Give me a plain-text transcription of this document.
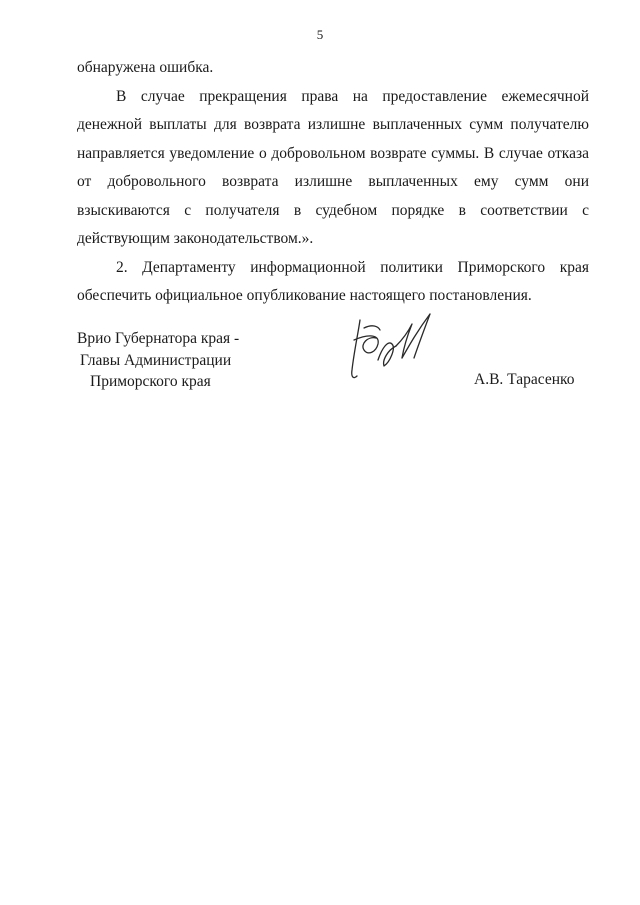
5

обнаружена ошибка.

В случае прекращения права на предоставление ежемесячной денежной выплаты для возврата излишне выплаченных сумм получателю направляется уведомление о добровольном возврате суммы. В случае отказа от добровольного возврата излишне выплаченных ему сумм они взыскиваются с получателя в судебном порядке в соответствии с действующим законодательством.».

2. Департаменту информационной политики Приморского края обеспечить официальное опубликование настоящего постановления.

Врио Губернатора края -
Главы Администрации
Приморского края	А.В. Тарасенко
